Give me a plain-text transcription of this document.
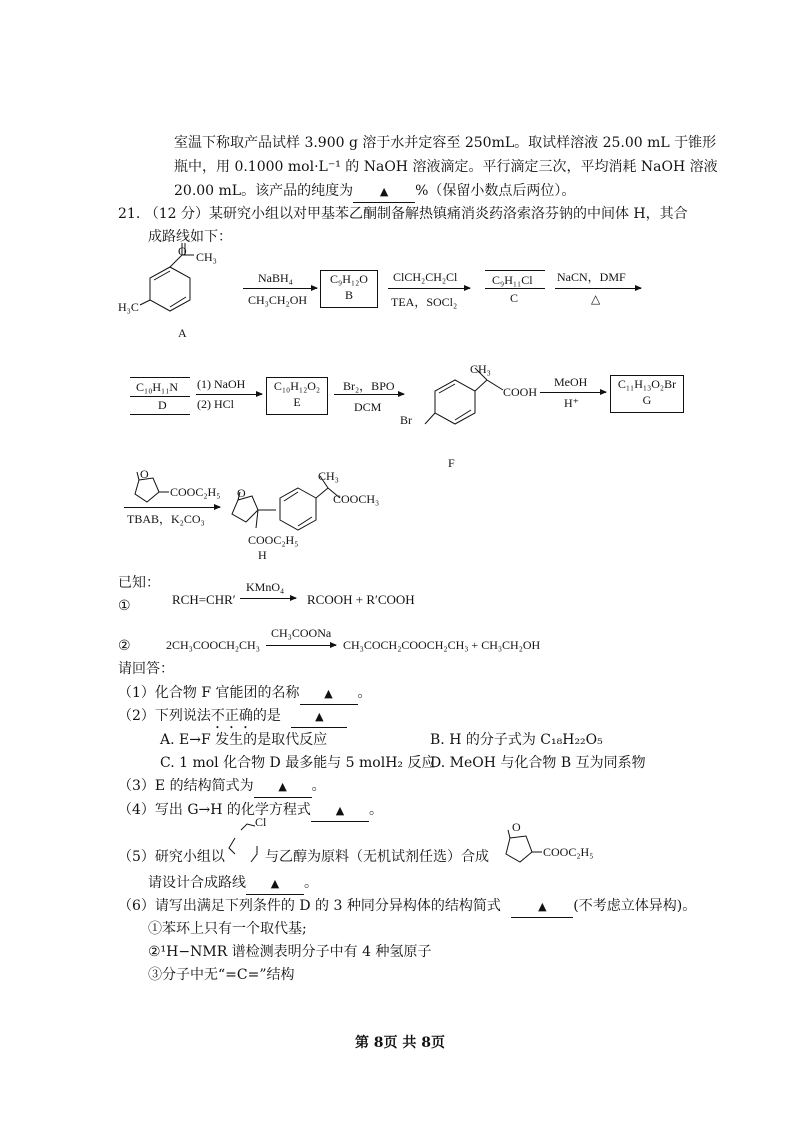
室温下称取产品试样 3.900 g 溶于水并定容至 250mL。取试样溶液 25.00 mL 于锥形
瓶中，用 0.1000 mol·L⁻¹ 的 NaOH 溶液滴定。平行滴定三次，平均消耗 NaOH 溶液
20.00 mL。该产品的纯度为 ▲ %（保留小数点后两位）。
21. （12 分）某研究小组以对甲基苯乙酮制备解热镇痛消炎药洛索洛芬钠的中间体 H，其合
成路线如下：
O CH₃
H₃C
A
NaBH₄
CH₃CH₂OH
C₉H₁₂O
B
ClCH₂CH₂Cl
TEA，SOCl₂
C₉H₁₁Cl
C
NaCN，DMF
△
C₁₀H₁₁N
D
(1) NaOH
(2) HCl
C₁₀H₁₂O₂
E
Br₂，BPO
DCM
CH₃
COOH
Br
F
MeOH
H⁺
C₁₁H₁₃O₂Br
G
O
COOC₂H₅
TBAB，K₂CO₃
O
CH₃
COOCH₃
COOC₂H₅
H
已知：
①	RCH=CHR′
KMnO₄
RCOOH + R′COOH
②	2CH₃COOCH₂CH₃
CH₃COONa
CH₃COCH₂COOCH₂CH₃ + CH₃CH₂OH
请回答：
（1）化合物 F 官能团的名称 ▲ 。
（2）下列说法不正确的是	▲
A. E→F 发生的是取代反应	B. H 的分子式为 C₁₈H₂₂O₅
C. 1 mol 化合物 D 最多能与 5 molH₂ 反应
D. MeOH 与化合物 B 互为同系物
（3）E 的结构简式为 ▲ 。
（4）写出 G→H 的化学方程式 ▲ 。
（5）研究小组以
Cl
与乙醇为原料（无机试剂任选）合成
O
COOC₂H₅
请设计合成路线 ▲ 。
（6）请写出满足下列条件的 D 的 3 种同分异构体的结构简式	▲ (不考虑立体异构)。
①苯环上只有一个取代基;
②¹H−NMR 谱检测表明分子中有 4 种氢原子
③分子中无“=C=”结构
第 8页 共 8页
